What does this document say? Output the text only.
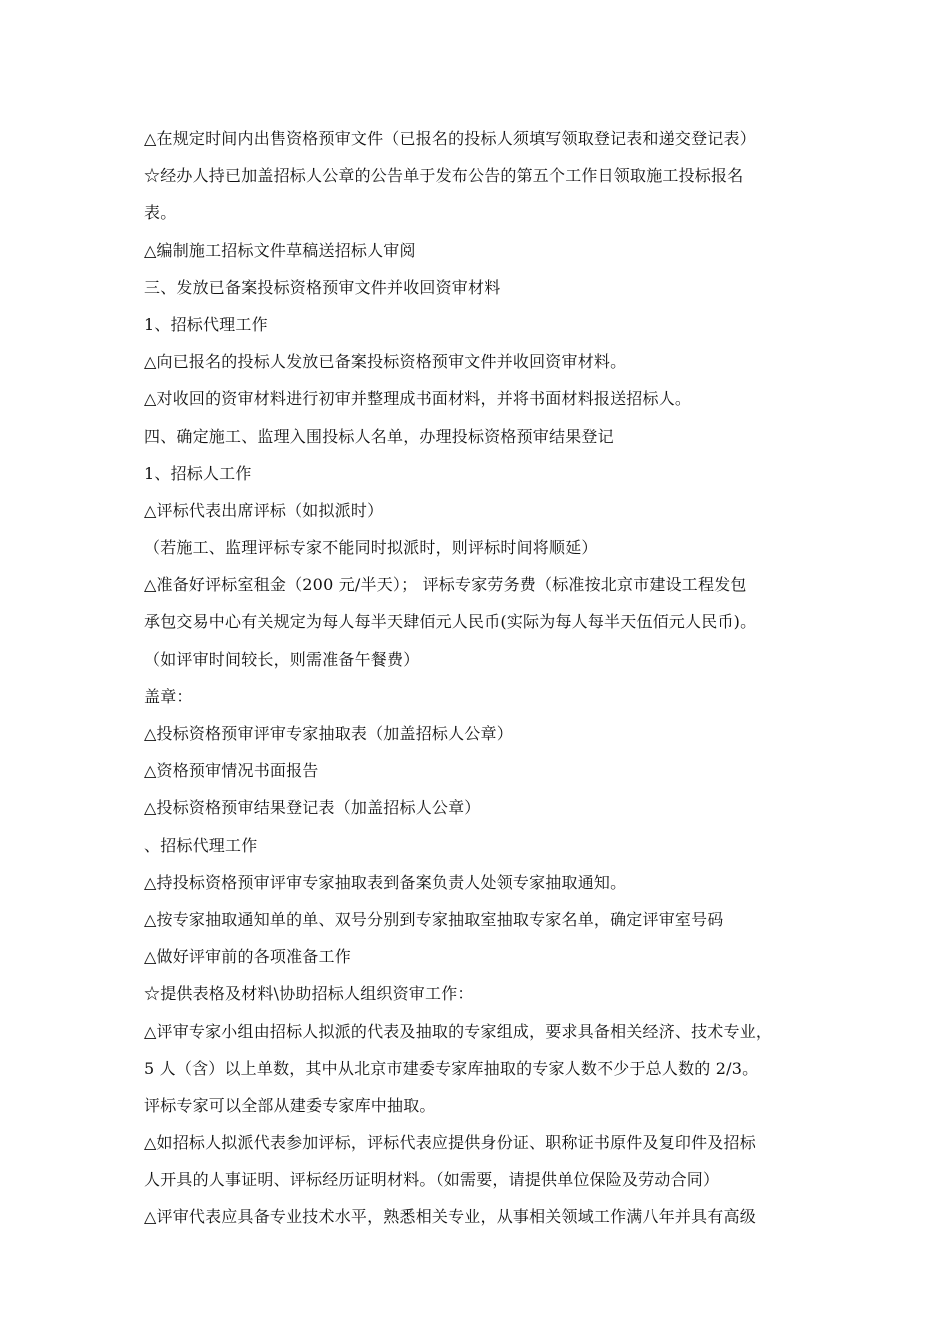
△在规定时间内出售资格预审文件（已报名的投标人须填写领取登记表和递交登记表）
☆经办人持已加盖招标人公章的公告单于发布公告的第五个工作日领取施工投标报名
表。
△编制施工招标文件草稿送招标人审阅
三、发放已备案投标资格预审文件并收回资审材料
1、招标代理工作
△向已报名的投标人发放已备案投标资格预审文件并收回资审材料。
△对收回的资审材料进行初审并整理成书面材料，并将书面材料报送招标人。
四、确定施工、监理入围投标人名单，办理投标资格预审结果登记
1、招标人工作
△评标代表出席评标（如拟派时）
（若施工、监理评标专家不能同时拟派时，则评标时间将顺延）
△准备好评标室租金（200 元/半天）； 评标专家劳务费（标准按北京市建设工程发包
承包交易中心有关规定为每人每半天肆佰元人民币(实际为每人每半天伍佰元人民币)。
（如评审时间较长，则需准备午餐费）
盖章：
△投标资格预审评审专家抽取表（加盖招标人公章）
△资格预审情况书面报告
△投标资格预审结果登记表（加盖招标人公章）
、招标代理工作
△持投标资格预审评审专家抽取表到备案负责人处领专家抽取通知。
△按专家抽取通知单的单、双号分别到专家抽取室抽取专家名单，确定评审室号码
△做好评审前的各项准备工作
☆提供表格及材料\协助招标人组织资审工作：
△评审专家小组由招标人拟派的代表及抽取的专家组成，要求具备相关经济、技术专业，
5 人（含）以上单数，其中从北京市建委专家库抽取的专家人数不少于总人数的 2/3。
评标专家可以全部从建委专家库中抽取。
△如招标人拟派代表参加评标，评标代表应提供身份证、职称证书原件及复印件及招标
人开具的人事证明、评标经历证明材料。（如需要，请提供单位保险及劳动合同）
△评审代表应具备专业技术水平，熟悉相关专业，从事相关领域工作满八年并具有高级
